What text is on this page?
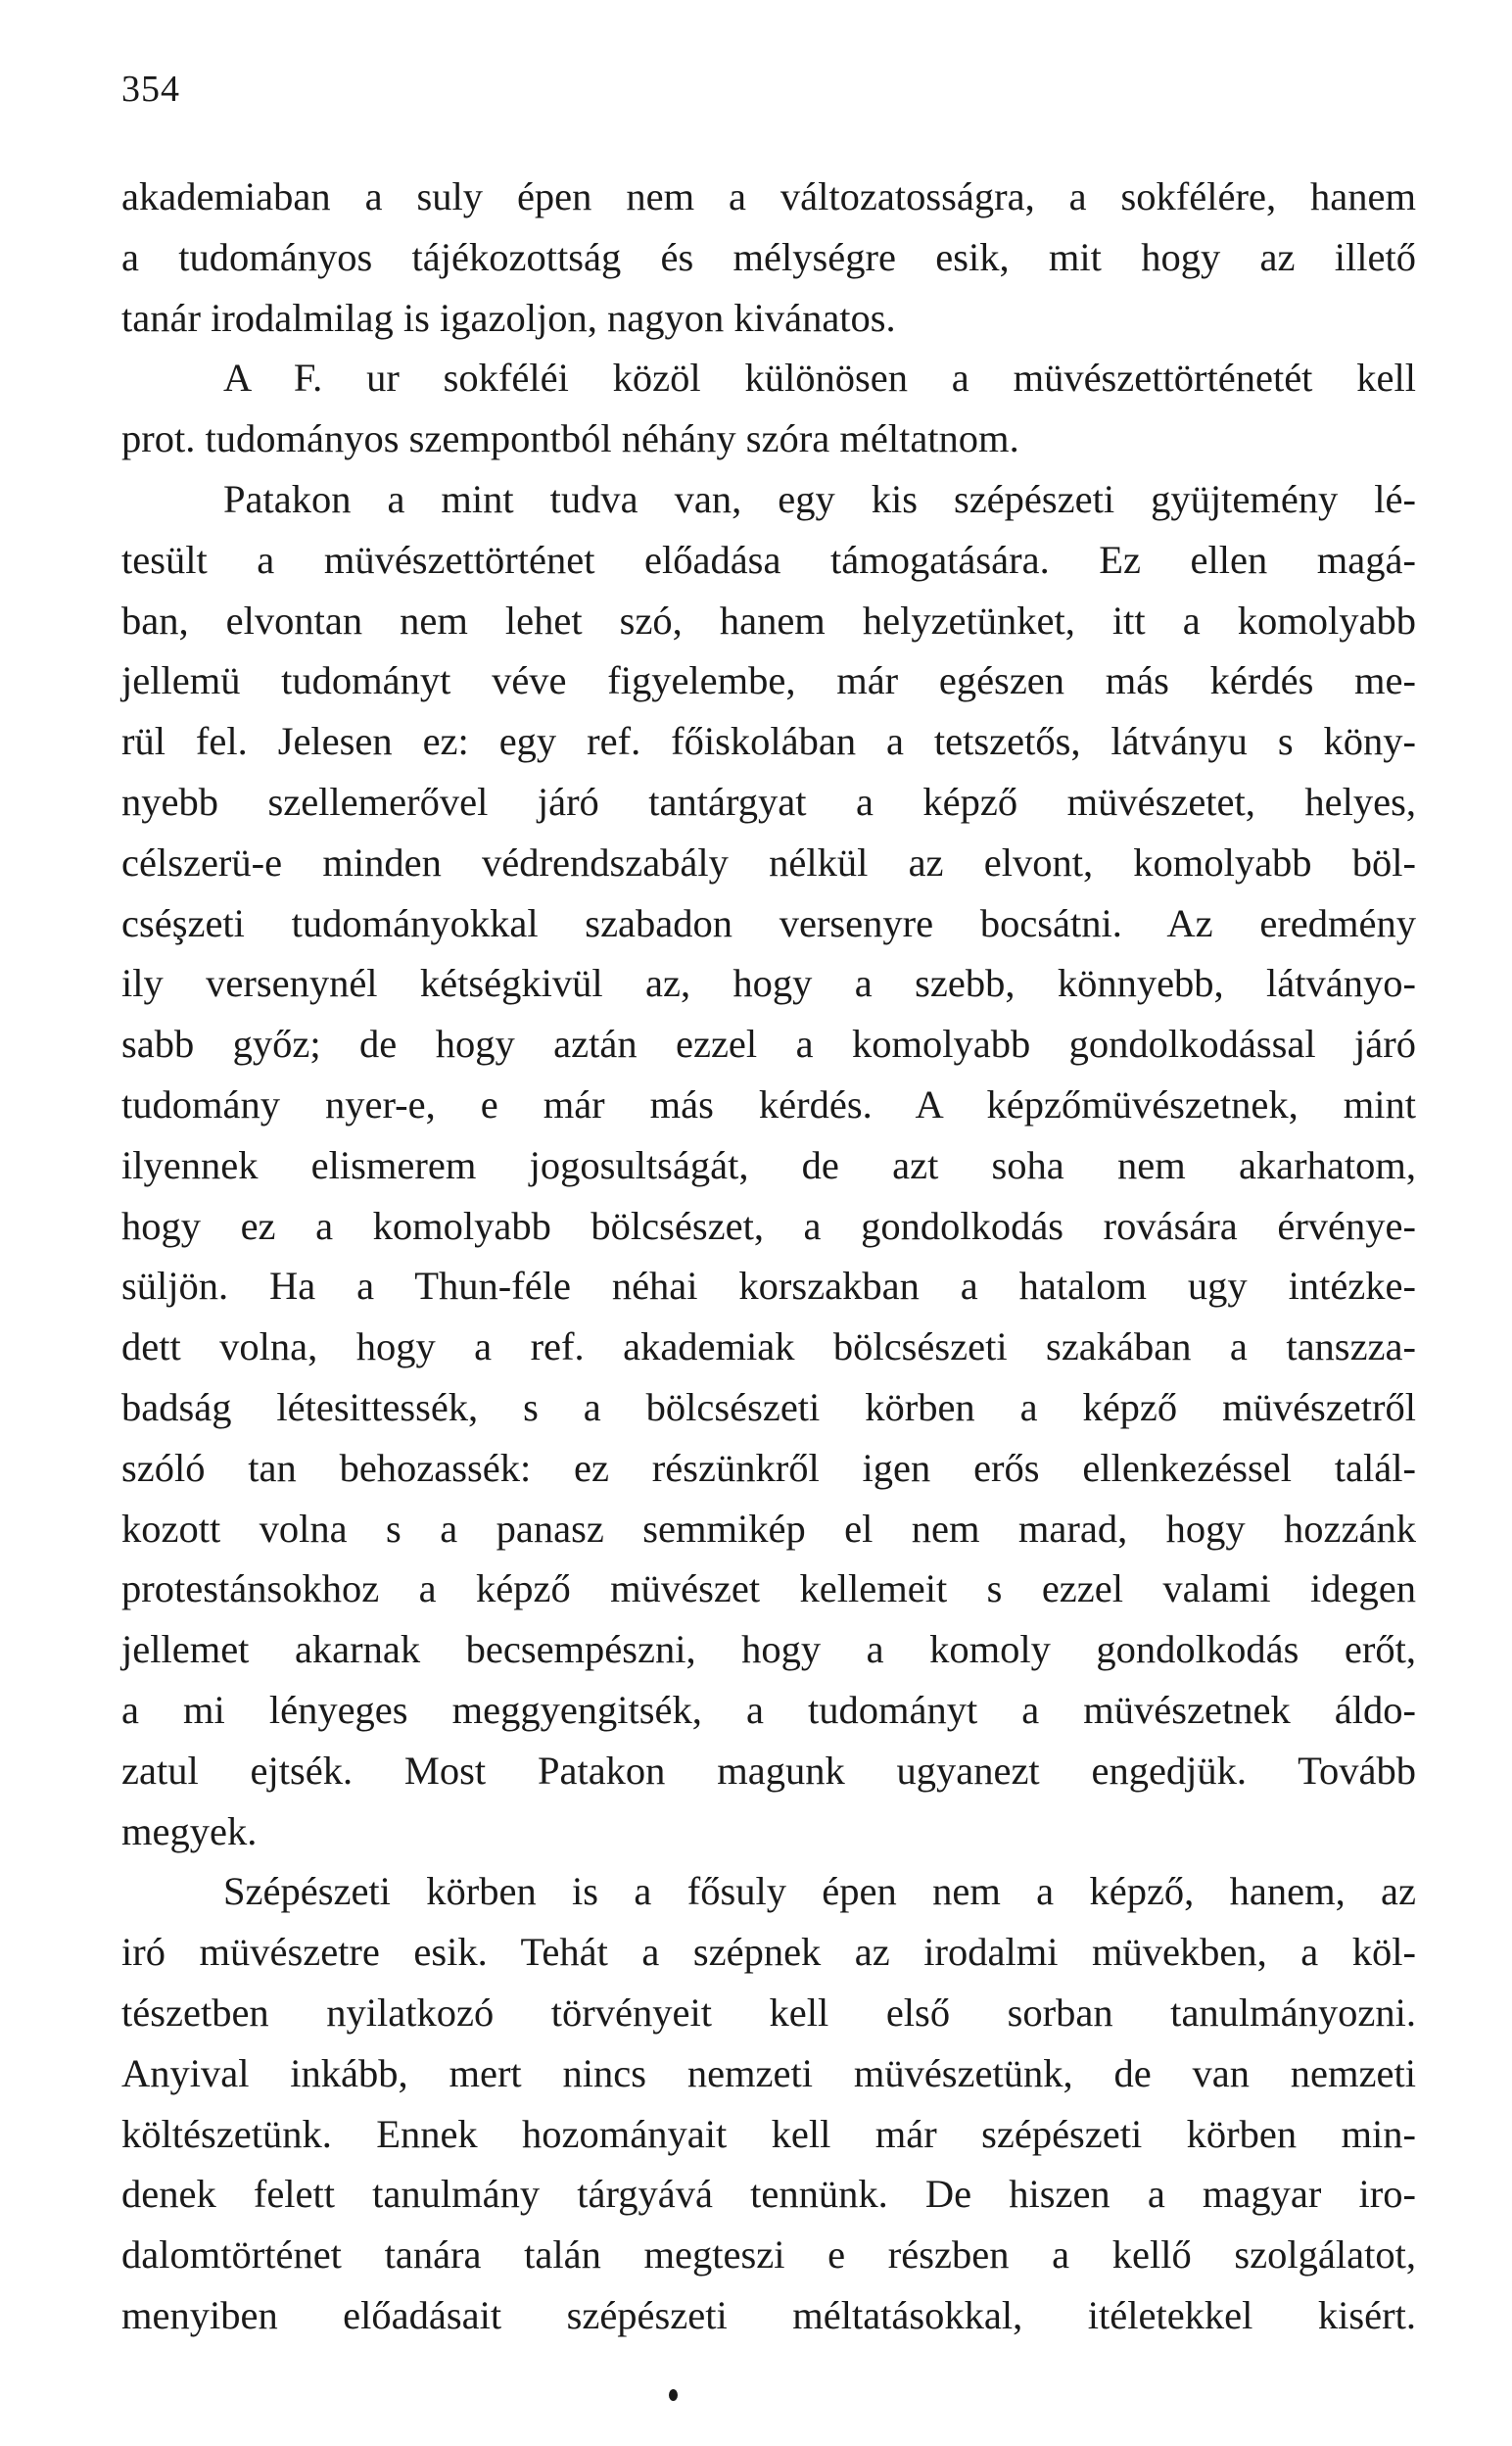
354
akademiaban a suly épen nem a változatosságra, a sokfélére, hanem
a tudományos tájékozottság és mélységre esik, mit hogy az illető
tanár irodalmilag is igazoljon, nagyon kivánatos.
A F. ur sokféléi közöl különösen a müvészettörténetét kell
prot. tudományos szempontból néhány szóra méltatnom.
Patakon a mint tudva van, egy kis szépészeti gyüjtemény lé-
tesült a müvészettörténet előadása támogatására. Ez ellen magá-
ban, elvontan nem lehet szó, hanem helyzetünket, itt a komolyabb
jellemü tudományt véve figyelembe, már egészen más kérdés me-
rül fel. Jelesen ez: egy ref. főiskolában a tetszetős, látványu s köny-
nyebb szellemerővel járó tantárgyat a képző müvészetet, helyes,
célszerü-e minden védrendszabály nélkül az elvont, komolyabb böl-
cséşzeti tudományokkal szabadon versenyre bocsátni. Az eredmény
ily versenynél kétségkivül az, hogy a szebb, könnyebb, látványo-
sabb győz; de hogy aztán ezzel a komolyabb gondolkodással járó
tudomány nyer-e, e már más kérdés. A képzőmüvészetnek, mint
ilyennek elismerem jogosultságát, de azt soha nem akarhatom,
hogy ez a komolyabb bölcsészet, a gondolkodás rovására érvénye-
süljön. Ha a Thun-féle néhai korszakban a hatalom ugy intézke-
dett volna, hogy a ref. akademiak bölcsészeti szakában a tanszza-
badság létesittessék, s a bölcsészeti körben a képző müvészetről
szóló tan behozassék: ez részünkről igen erős ellenkezéssel talál-
kozott volna s a panasz semmikép el nem marad, hogy hozzánk
protestánsokhoz a képző müvészet kellemeit s ezzel valami idegen
jellemet akarnak becsempészni, hogy a komoly gondolkodás erőt,
a mi lényeges meggyengitsék, a tudományt a müvészetnek áldo-
zatul ejtsék. Most Patakon magunk ugyanezt engedjük. Tovább
megyek.
Szépészeti körben is a fősuly épen nem a képző, hanem, az
iró müvészetre esik. Tehát a szépnek az irodalmi müvekben, a köl-
tészetben nyilatkozó törvényeit kell első sorban tanulmányozni.
Anyival inkább, mert nincs nemzeti müvészetünk, de van nemzeti
költészetünk. Ennek hozományait kell már szépészeti körben min-
denek felett tanulmány tárgyává tennünk. De hiszen a magyar iro-
dalomtörténet tanára talán megteszi e részben a kellő szolgálatot,
menyiben előadásait szépészeti méltatásokkal, itéletekkel kisért.
